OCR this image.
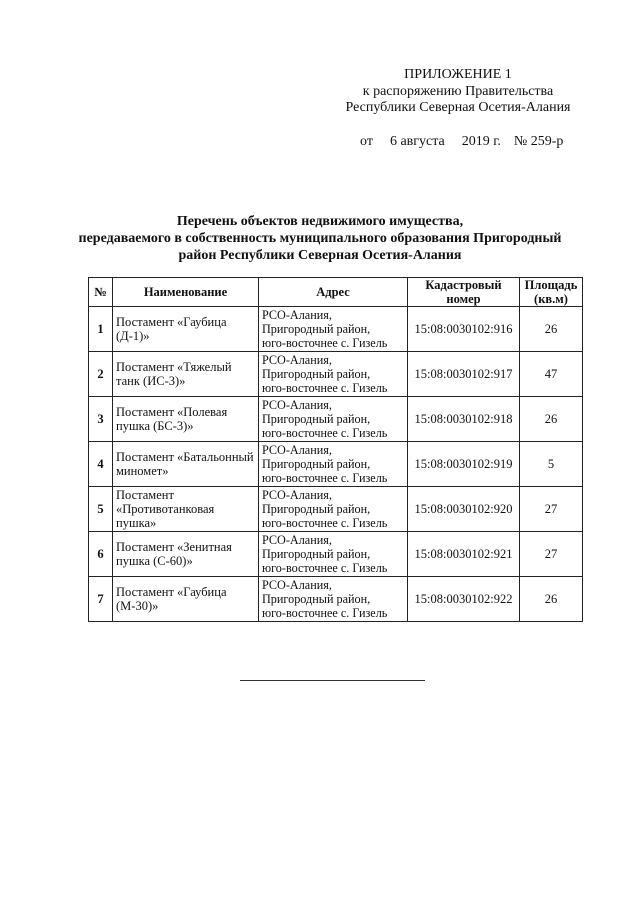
ПРИЛОЖЕНИЕ 1
к распоряжению Правительства
Республики Северная Осетия-Алания
от 6 августа 2019 г. № 259-р
Перечень объектов недвижимого имущества,
передаваемого в собственность муниципального образования Пригородный
район Республики Северная Осетия-Алания
№	Наименование	Адрес	Кадастровый номер	Площадь (кв.м)
1	Постамент «Гаубица (Д-1)»	РСО-Алания,
Пригородный район,
юго-восточнее с. Гизель	15:08:0030102:916	26
2	Постамент «Тяжелый танк (ИС-3)»	РСО-Алания,
Пригородный район,
юго-восточнее с. Гизель	15:08:0030102:917	47
3	Постамент «Полевая пушка (БС-3)»	РСО-Алания,
Пригородный район,
юго-восточнее с. Гизель	15:08:0030102:918	26
4	Постамент «Батальонный миномет»	РСО-Алания,
Пригородный район,
юго-восточнее с. Гизель	15:08:0030102:919	5
5	Постамент «Противотанковая пушка»	РСО-Алания,
Пригородный район,
юго-восточнее с. Гизель	15:08:0030102:920	27
6	Постамент «Зенитная пушка (С-60)»	РСО-Алания,
Пригородный район,
юго-восточнее с. Гизель	15:08:0030102:921	27
7	Постамент «Гаубица (М-30)»	РСО-Алания,
Пригородный район,
юго-восточнее с. Гизель	15:08:0030102:922	26
